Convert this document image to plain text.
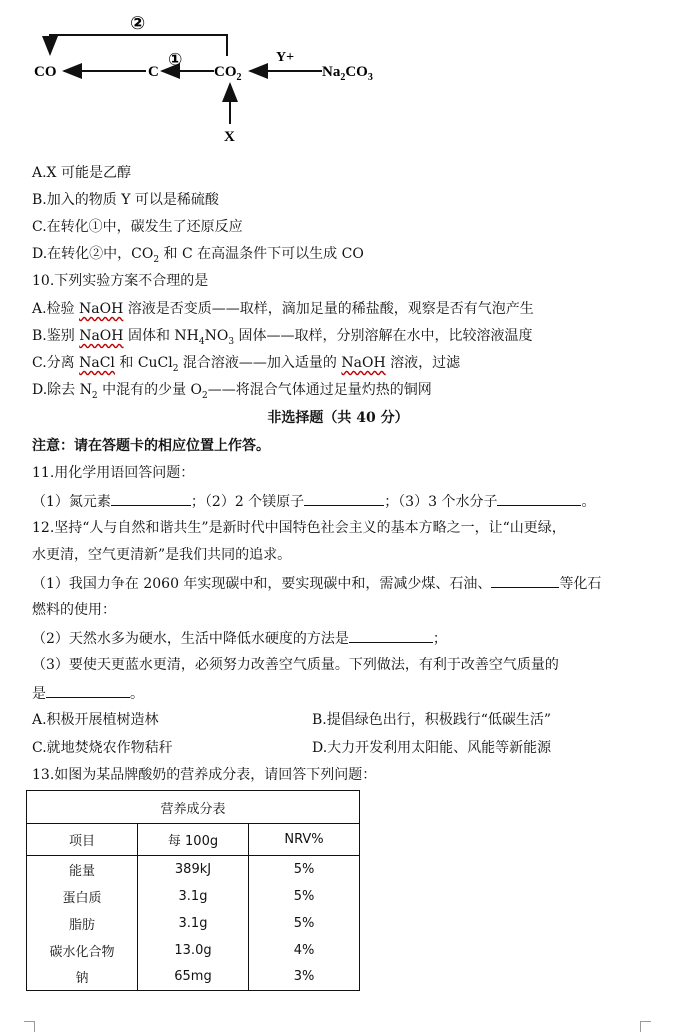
②
CO	C
①
$CO_2$
Y+
$Na_2CO_3$
X
A.X 可能是乙醇
B.加入的物质 Y 可以是稀硫酸
C.在转化①中，碳发生了还原反应
D.在转化②中，$CO_2$ 和 C 在高温条件下可以生成 CO
10.下列实验方案不合理的是
A.检验 NaOH 溶液是否变质——取样，滴加足量的稀盐酸，观察是否有气泡产生
B.鉴别 NaOH 固体和 $NH_4NO_3$ 固体——取样，分别溶解在水中，比较溶液温度
C.分离 NaCl 和 CuCl$_2$ 混合溶液——加入适量的 NaOH 溶液，过滤
D.除去 $N_2$ 中混有的少量 $O_2——$将混合气体通过足量灼热的铜网
非选择题（共 40 分）
注意：请在答题卡的相应位置上作答。
11.用化学用语回答问题：
（1）氮元素	；（2）2 个镁原子	；（3）3 个水分子	。
12.坚持“人与自然和谐共生”是新时代中国特色社会主义的基本方略之一，让“山更绿，
水更清，空气更清新”是我们共同的追求。
（1）我国力争在 2060 年实现碳中和，要实现碳中和，需减少煤、石油、	等化石
燃料的使用：
（2）天然水多为硬水，生活中降低水硬度的方法是	；
（3）要使天更蓝水更清，必须努力改善空气质量。下列做法，有利于改善空气质量的
是	。
A.积极开展植树造林	B.提倡绿色出行，积极践行“低碳生活”
C.就地焚烧农作物秸秆	D.大力开发利用太阳能、风能等新能源
13.如图为某品牌酸奶的营养成分表，请回答下列问题：
营养成分表		
项目	每 100g	NRV%
能量	389kJ	5%
蛋白质	3.1g	5%
脂肪	3.1g	5%
碳水化合物	13.0g	4%
钠	65mg	3%
